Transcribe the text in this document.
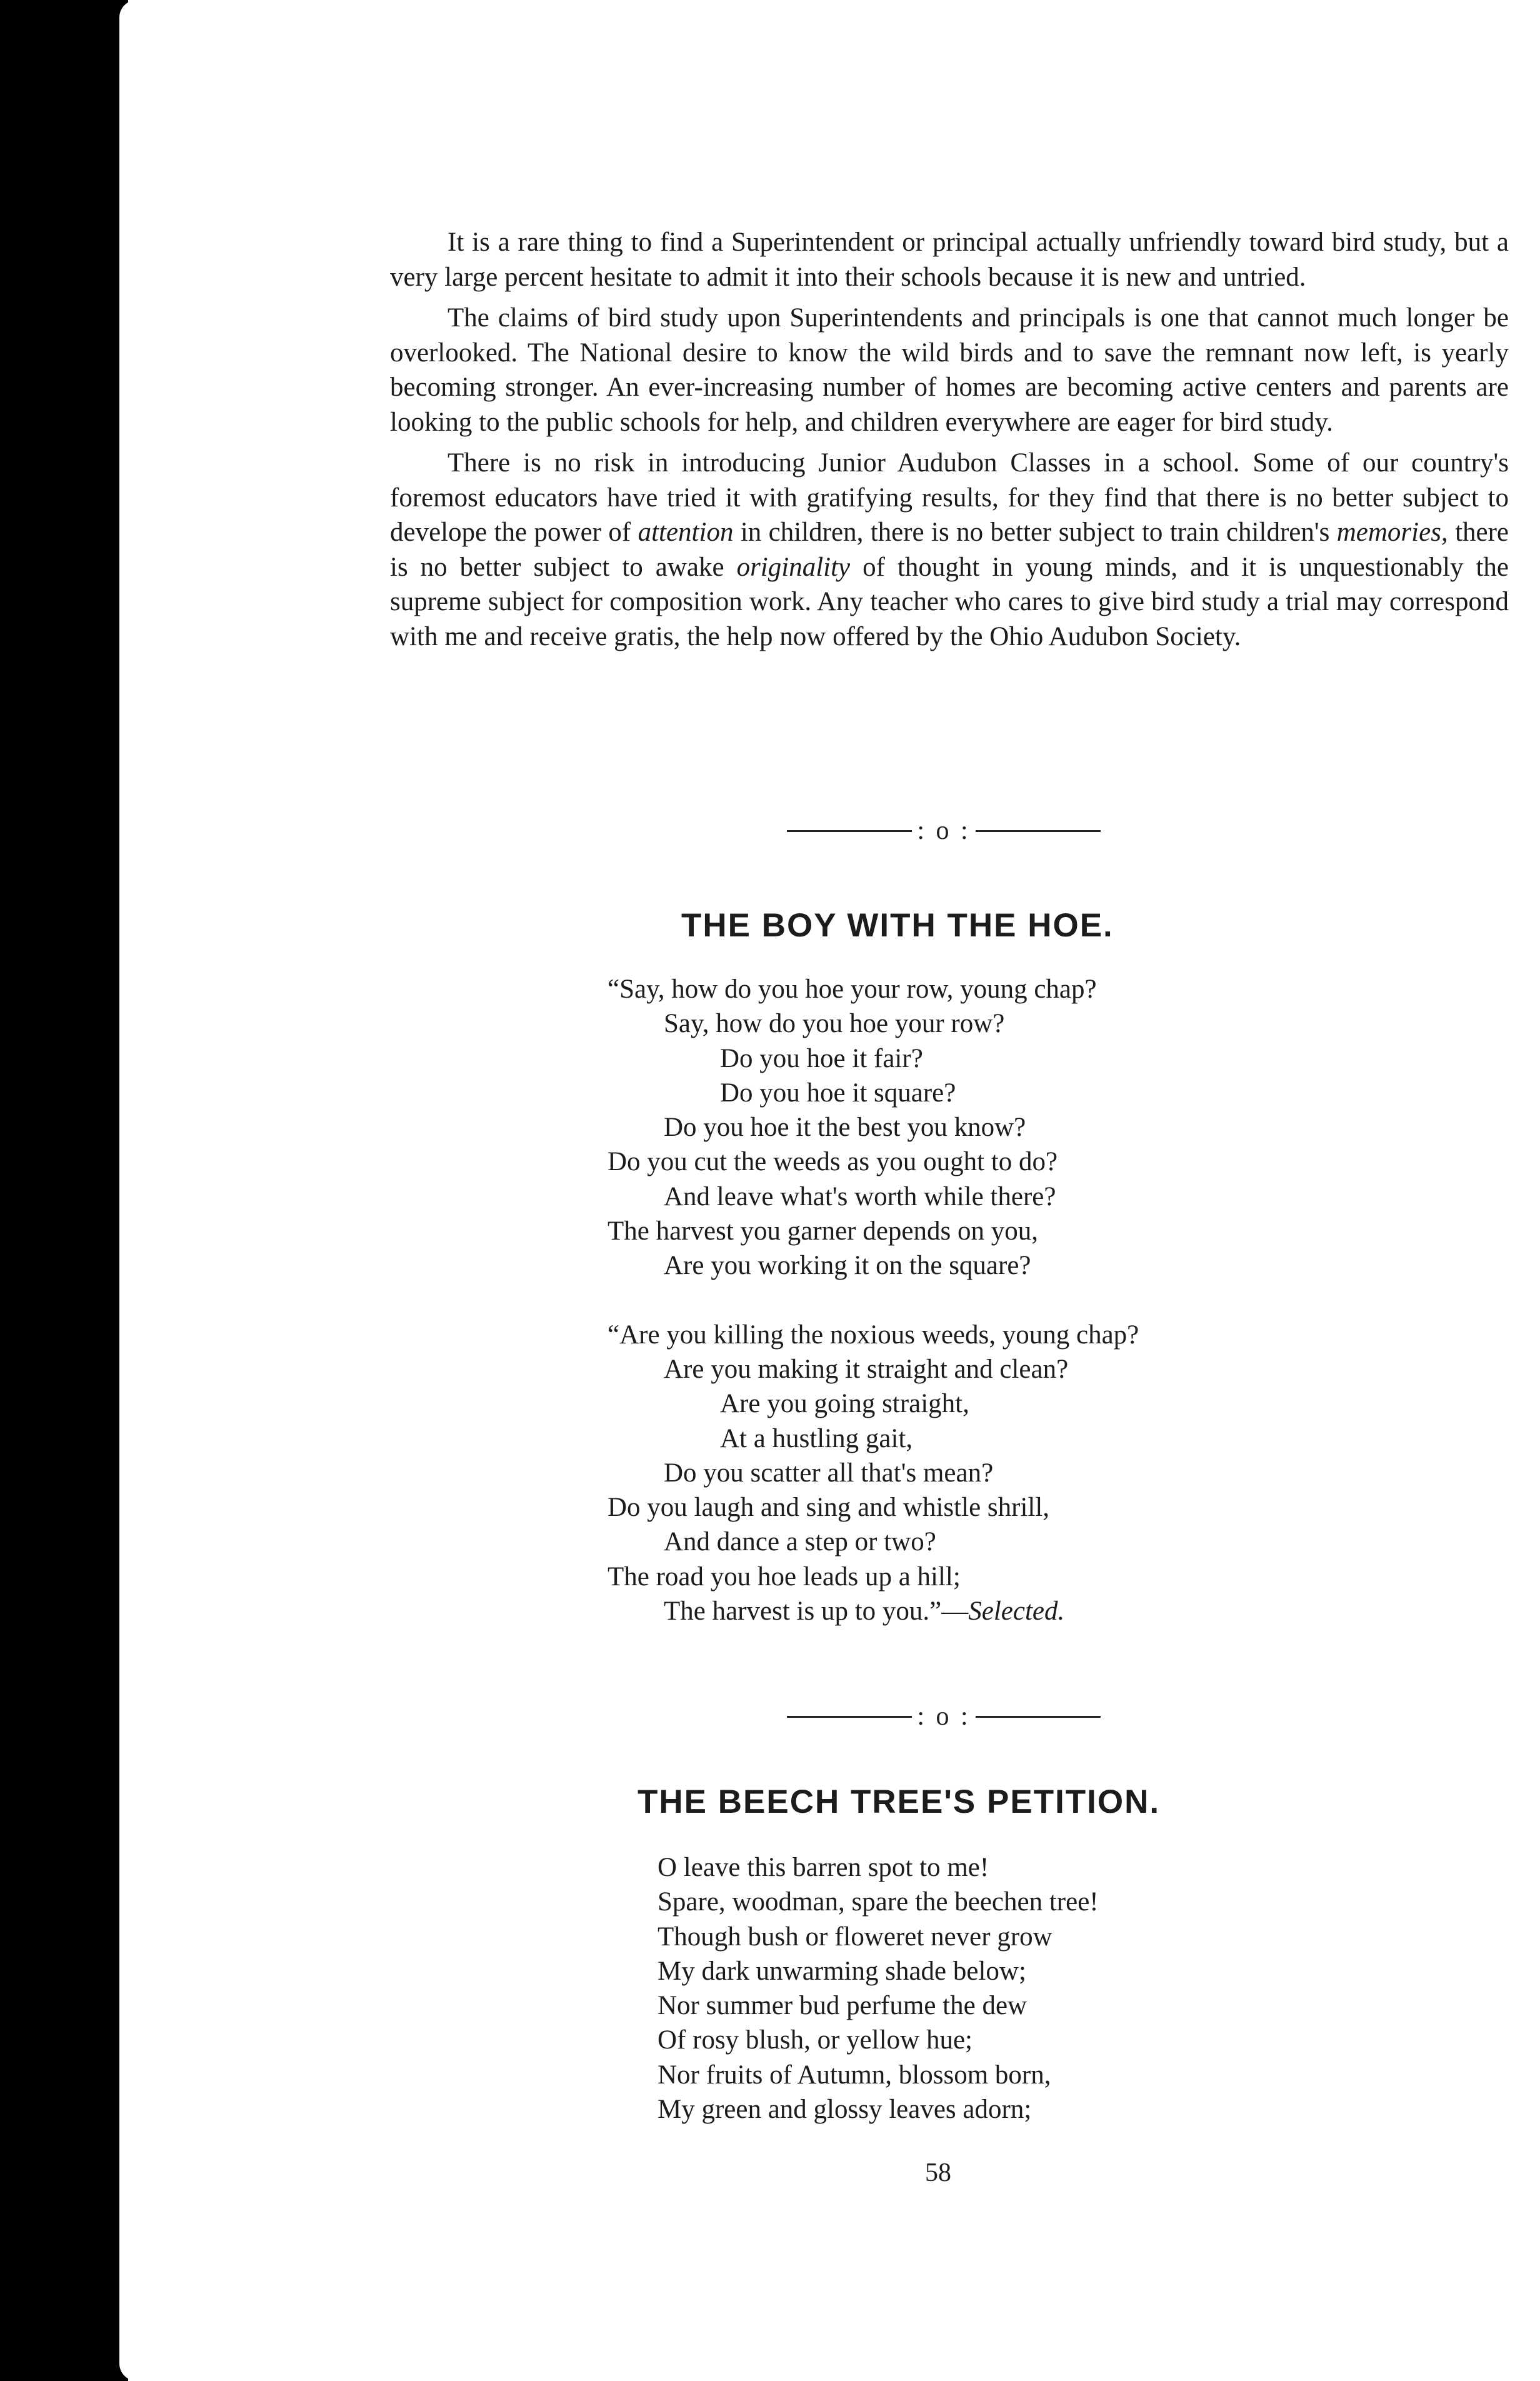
It is a rare thing to find a Superintendent or principal actually unfriendly toward bird study, but a very large percent hesitate to admit it into their schools because it is new and untried.

The claims of bird study upon Superintendents and principals is one that cannot much longer be overlooked. The National desire to know the wild birds and to save the remnant now left, is yearly becoming stronger. An ever-increasing number of homes are becoming active centers and parents are looking to the public schools for help, and children everywhere are eager for bird study.

There is no risk in introducing Junior Audubon Classes in a school. Some of our country's foremost educators have tried it with gratifying results, for they find that there is no better subject to develope the power of attention in children, there is no better subject to train children's memories, there is no better subject to awake originality of thought in young minds, and it is unquestionably the supreme subject for composition work. Any teacher who cares to give bird study a trial may correspond with me and receive gratis, the help now offered by the Ohio Audubon Society.

: o :
THE BOY WITH THE HOE.
“Say, how do you hoe your row, young chap?
Say, how do you hoe your row?
Do you hoe it fair?
Do you hoe it square?
Do you hoe it the best you know?
Do you cut the weeds as you ought to do?
And leave what's worth while there?
The harvest you garner depends on you,
Are you working it on the square?
“Are you killing the noxious weeds, young chap?
Are you making it straight and clean?
Are you going straight,
At a hustling gait,
Do you scatter all that's mean?
Do you laugh and sing and whistle shrill,
And dance a step or two?
The road you hoe leads up a hill;
The harvest is up to you.”—Selected.
: o :
THE BEECH TREE'S PETITION.
O leave this barren spot to me!
Spare, woodman, spare the beechen tree!
Though bush or floweret never grow
My dark unwarming shade below;
Nor summer bud perfume the dew
Of rosy blush, or yellow hue;
Nor fruits of Autumn, blossom born,
My green and glossy leaves adorn;
58
